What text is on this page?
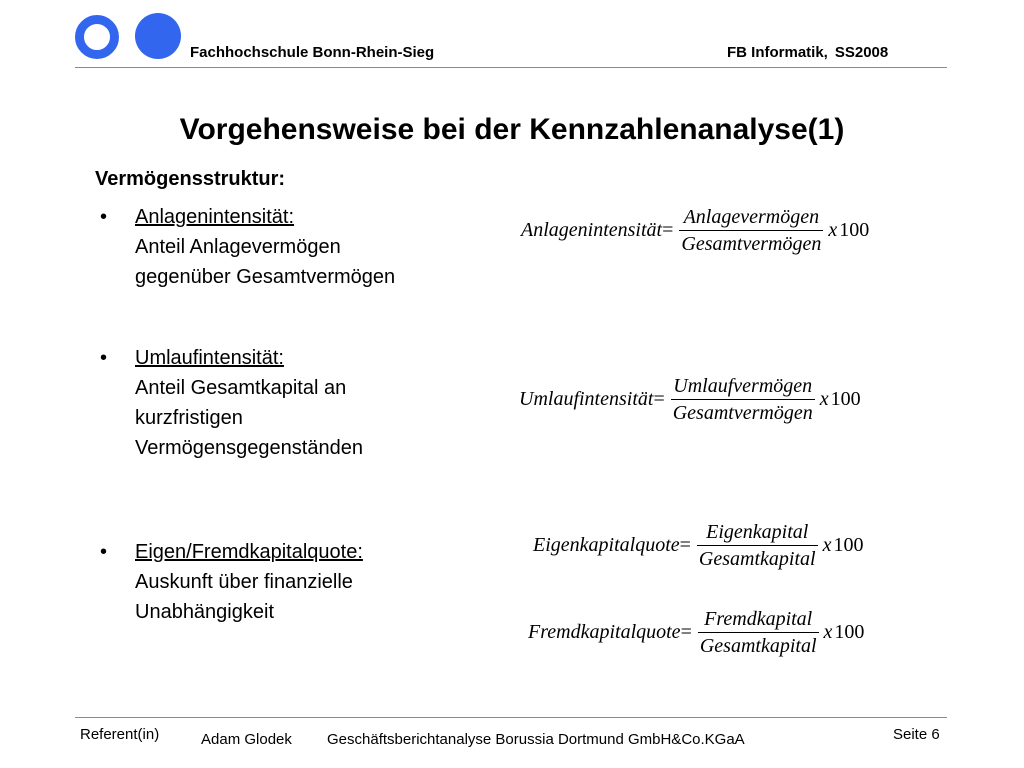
Fachhochschule Bonn-Rhein-Sieg	FB Informatik, SS2008
Vorgehensweise bei der Kennzahlenanalyse(1)
Vermögensstruktur:
• Anlagenintensität:
Anteil Anlagevermögen
gegenüber Gesamtvermögen
• Umlaufintensität:
Anteil Gesamtkapital an
kurzfristigen
Vermögensgegenständen
• Eigen/Fremdkapitalquote:
Auskunft über finanzielle
Unabhängigkeit
Anlagenintensität = $\frac{\text{Anlagevermögen}}{\text{Gesamtvermögen}}$ x 100
Umlaufintensität = $\frac{\text{Umlaufvermögen}}{\text{Gesamtvermögen}}$ x 100
Eigenkapitalquote = $\frac{\text{Eigenkapital}}{\text{Gesamtkapital}}$ x 100
Fremdkapitalquote = $\frac{\text{Fremdkapital}}{\text{Gesamtkapital}}$ x 100
Referent(in)	Adam Glodek Geschäftsberichtanalyse Borussia Dortmund GmbH&Co.KGaA	Seite 6
